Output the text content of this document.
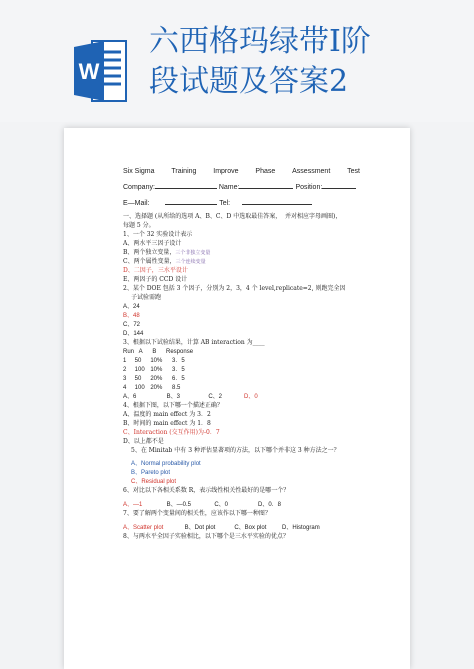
W
六西格玛绿带I阶
段试题及答案2
Six Sigma Training Improve Phase Assessment Test
Company:	Name:	Position:
E—Mail:	Tel:
一、选择题 (从所给的选项 A、B、C、D 中选取最佳答案， 并对相应字母画圈)，
每题 5 分。
1、一个 32 实验设计表示
A、两水平三因子设计
B、两个独立变量，三个非独立变量
C、两个属性变量，三个连续变量
D、二因子，三水平设计
E、两因子的 CCD 设计
2、某个 DOE 包括 3 个因子，分别为 2，3，4 个 level,replicate=2, 则跑完全因
子试验需跑
A、24
B、48
C、72
D、144
3、根据以下试验结果，计算 AB interaction 为____
Run A B Response
1 50 10% 3．5
2 100 10% 3．5
3 50 20% 6．5
4 100 20% 8.5
A、6	B、3	C、2	D、0
4、根据下图，以下哪一个描述正确？
A、温度的 main effect 为 3．2
B、时间的 main effect 为 1．8
C、Interaction (交互作用)为-0．7
D、以上都不是
5、在 Minitab 中有 3 种评估显著项的方法，以下哪个并非这 3 种方法之一？
A、Normal probability plot
B、Pareto plot
C、Residual plot
6、对比以下各相关系数 R，表示线性相关性最好的是哪一个？
A、—1	B、—0.5	C、0	D、0．8
7、要了解两个变量间的相关性，应该作以下哪一种图？
A、Scatter plot	B、Dot plot	C、Box plot	D、Histogram
8、与两水平全因子实验相比，以下哪个是三水平实验的优点？
